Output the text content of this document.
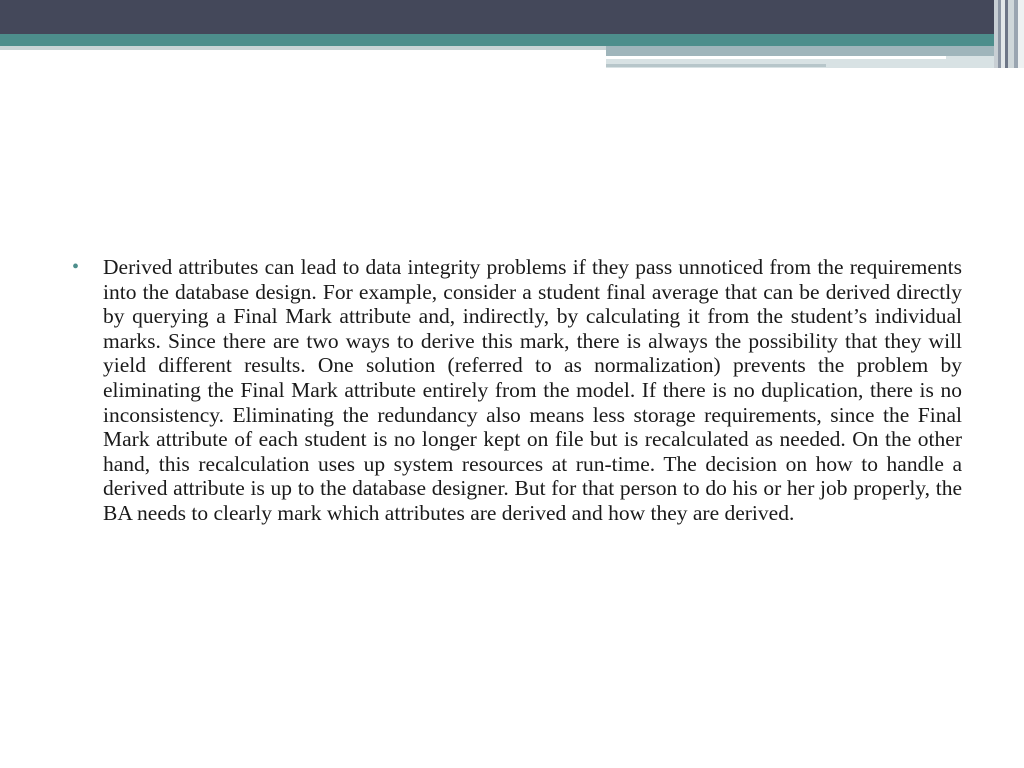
•	Derived attributes can lead to data integrity problems if they pass unnoticed from the requirements into the database design. For example, consider a student final average that can be derived directly by querying a Final Mark attribute and, indirectly, by calculating it from the student’s individual marks. Since there are two ways to derive this mark, there is always the possibility that they will yield different results. One solution (referred to as normalization) prevents the problem by eliminating the Final Mark attribute entirely from the model. If there is no duplication, there is no inconsistency. Eliminating the redundancy also means less storage requirements, since the Final Mark attribute of each student is no longer kept on file but is recalculated as needed. On the other hand, this recalculation uses up system resources at run-time. The decision on how to handle a derived attribute is up to the database designer. But for that person to do his or her job properly, the BA needs to clearly mark which attributes are derived and how they are derived.
